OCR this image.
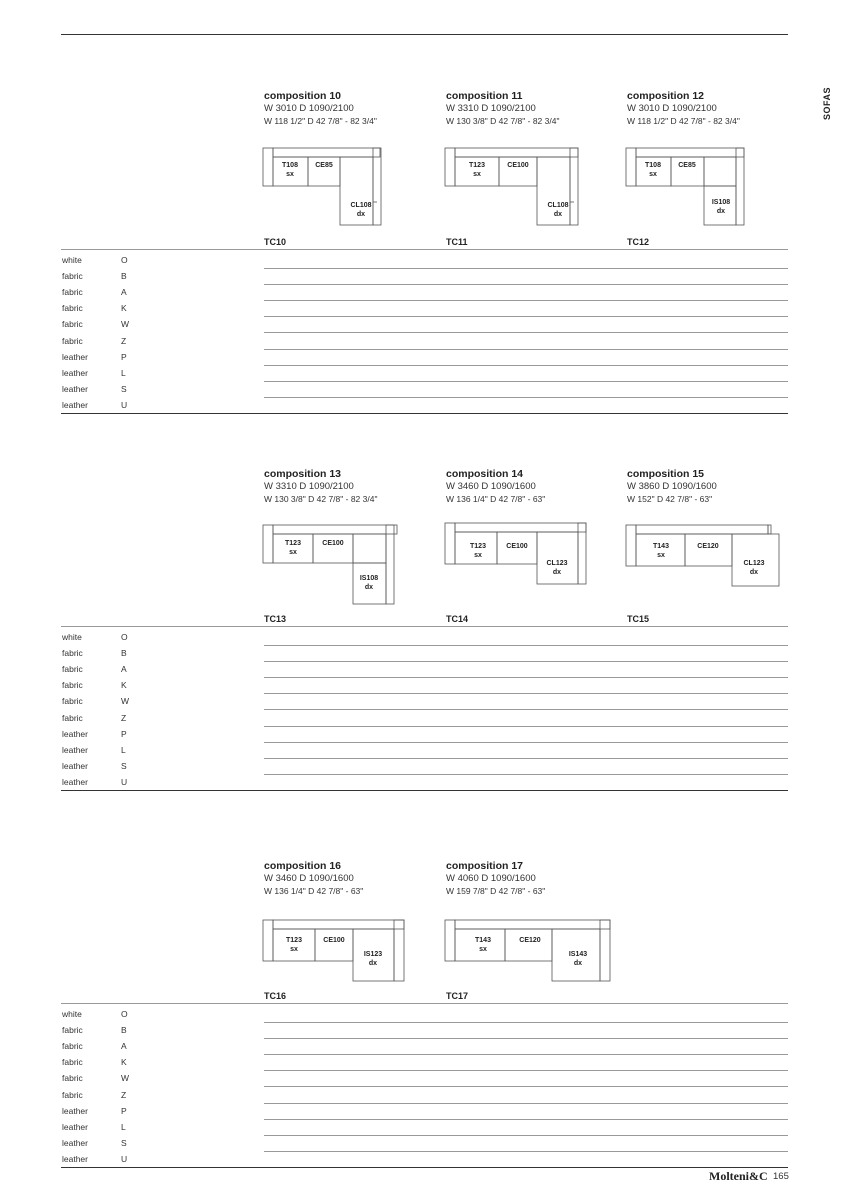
SOFAS
composition 10
W 3010 D 1090/2100
W 118 1/2" D 42 7/8" - 82 3/4"
composition 11
W 3310 D 1090/2100
W 130 3/8" D 42 7/8" - 82 3/4"
composition 12
W 3010 D 1090/2100
W 118 1/2" D 42 7/8" - 82 3/4"
T108
sx
CE85
CL108
dx
T123
sx
CE100
CL108
dx
T108
sx
CE85
IS108
dx
TC10	TC11	TC12
white	O
fabric	B
fabric	A
fabric	K
fabric	W
fabric	Z
leather	P
leather	L
leather	S
leather	U
composition 13
W 3310 D 1090/2100
W 130 3/8" D 42 7/8" - 82 3/4"
composition 14
W 3460 D 1090/1600
W 136 1/4" D 42 7/8" - 63"
composition 15
W 3860 D 1090/1600
W 152" D 42 7/8" - 63"
T123
sx
CE100
IS108
dx
T123
sx
CE100
CL123
dx
T143
sx
CE120
CL123
dx
TC13	TC14	TC15
white	O
fabric	B
fabric	A
fabric	K
fabric	W
fabric	Z
leather	P
leather	L
leather	S
leather	U
composition 16
W 3460 D 1090/1600
W 136 1/4" D 42 7/8" - 63"
composition 17
W 4060 D 1090/1600
W 159 7/8" D 42 7/8" - 63"
T123
sx
CE100
IS123
dx
T143
sx
CE120
IS143
dx
TC16	TC17
white	O
fabric	B
fabric	A
fabric	K
fabric	W
fabric	Z
leather	P
leather	L
leather	S
leather	U
Molteni&C 165
